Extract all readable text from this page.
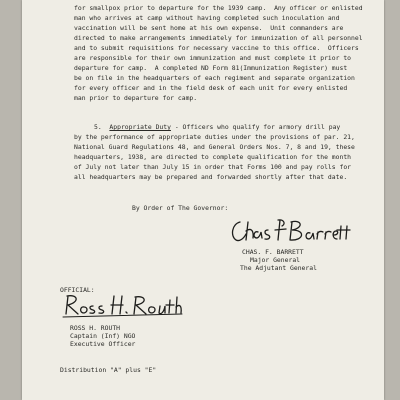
for smallpox prior to departure for the 1939 camp.  Any officer or enlisted

man who arrives at camp without having completed such inoculation and

vaccination will be sent home at his own expense.  Unit commanders are

directed to make arrangements immediately for immunization of all personnel

and to submit requisitions for necessary vaccine to this office.  Officers

are responsible for their own immunization and must complete it prior to

departure for camp.  A completed ND Form 81(Immunization Register) must

be on file in the headquarters of each regiment and separate organization

for every officer and in the field desk of each unit for every enlisted

man prior to departure for camp.

5. Appropriate Duty - Officers who qualify for armory drill pay

by the performance of appropriate duties under the provisions of par. 21,

National Guard Regulations 48, and General Orders Nos. 7, 8 and 19, these

headquarters, 1938, are directed to complete qualification for the month

of July not later than July 15 in order that Forms 100 and pay rolls for

all headquarters may be prepared and forwarded shortly after that date.

By Order of The Governor:

CHAS. F. BARRETT

Major General

The Adjutant General

OFFICIAL:

ROSS H. ROUTH

Captain (Inf) NGO

Executive Officer

Distribution "A" plus "E"
